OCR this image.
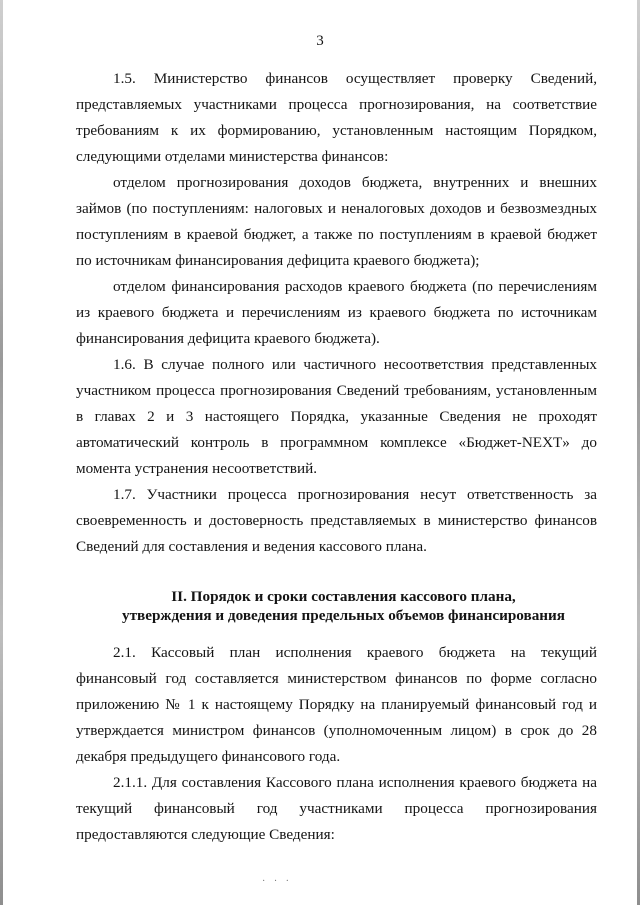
3

1.5. Министерство финансов осуществляет проверку Сведений, представляемых участниками процесса прогнозирования, на соответствие требованиям к их формированию, установленным настоящим Порядком, следующими отделами министерства финансов:

отделом прогнозирования доходов бюджета, внутренних и внешних займов (по поступлениям: налоговых и неналоговых доходов и безвозмездных поступлениям в краевой бюджет, а также по поступлениям в краевой бюджет по источникам финансирования дефицита краевого бюджета);

отделом финансирования расходов краевого бюджета (по перечислениям из краевого бюджета и перечислениям из краевого бюджета по источникам финансирования дефицита краевого бюджета).

1.6. В случае полного или частичного несоответствия представленных участником процесса прогнозирования Сведений требованиям, установленным в главах 2 и 3 настоящего Порядка, указанные Сведения не проходят автоматический контроль в программном комплексе «Бюджет-NEXT» до момента устранения несоответствий.

1.7. Участники процесса прогнозирования несут ответственность за своевременность и достоверность представляемых в министерство финансов Сведений для составления и ведения кассового плана.

II. Порядок и сроки составления кассового плана,

утверждения и доведения предельных объемов финансирования

2.1. Кассовый план исполнения краевого бюджета на текущий финансовый год составляется министерством финансов по форме согласно приложению № 1 к настоящему Порядку на планируемый финансовый год и утверждается министром финансов (уполномоченным лицом) в срок до 28 декабря предыдущего финансового года.

2.1.1. Для составления Кассового плана исполнения краевого бюджета на текущий финансовый год участниками процесса прогнозирования предоставляются следующие Сведения:

· · ·
